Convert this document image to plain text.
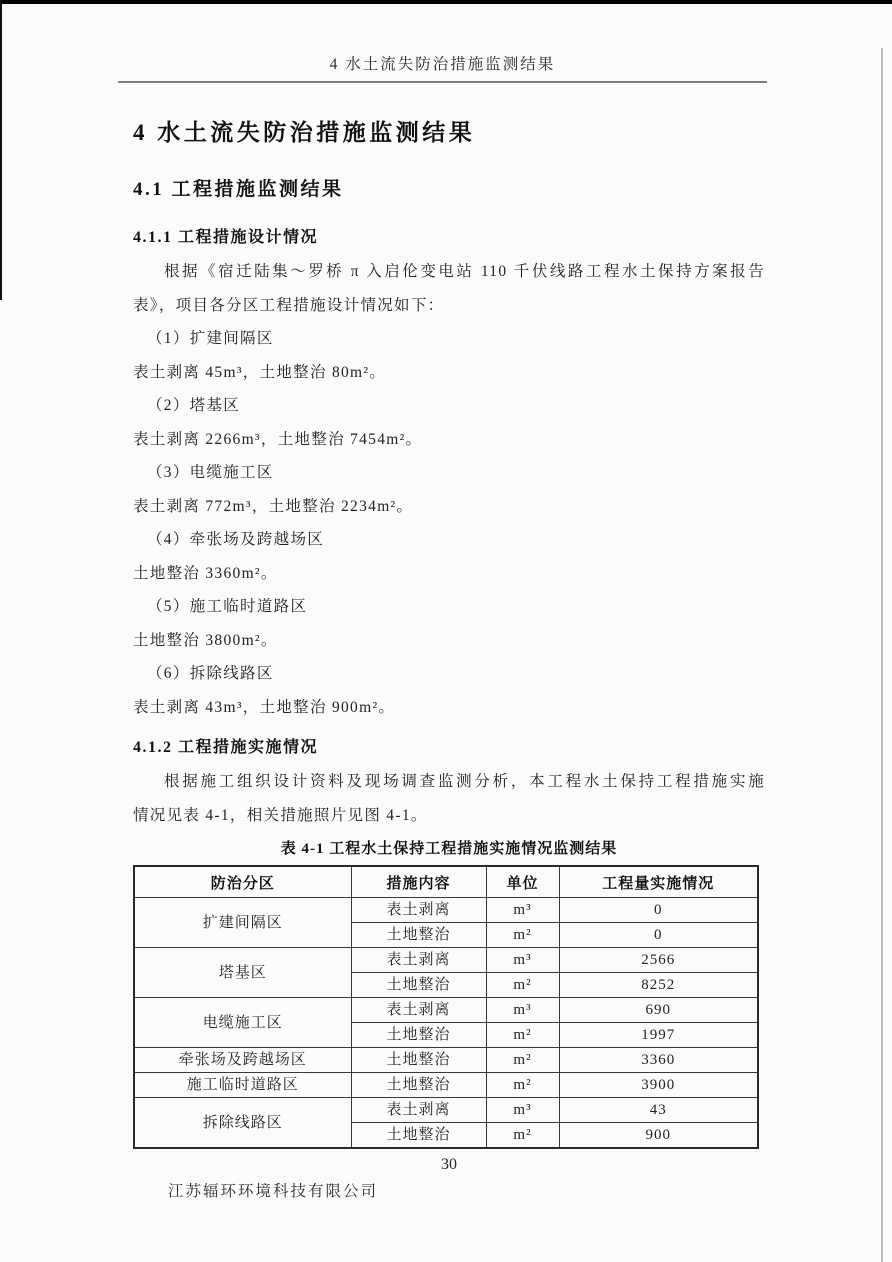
4 水土流失防治措施监测结果
4 水土流失防治措施监测结果
4.1 工程措施监测结果
4.1.1 工程措施设计情况
根据《宿迁陆集～罗桥 π 入启伦变电站 110 千伏线路工程水土保持方案报告
表》，项目各分区工程措施设计情况如下：
（1）扩建间隔区
表土剥离 45m³，土地整治 80m²。
（2）塔基区
表土剥离 2266m³，土地整治 7454m²。
（3）电缆施工区
表土剥离 772m³，土地整治 2234m²。
（4）牵张场及跨越场区
土地整治 3360m²。
（5）施工临时道路区
土地整治 3800m²。
（6）拆除线路区
表土剥离 43m³，土地整治 900m²。
4.1.2 工程措施实施情况
根据施工组织设计资料及现场调查监测分析，本工程水土保持工程措施实施
情况见表 4-1，相关措施照片见图 4-1。
表 4-1 工程水土保持工程措施实施情况监测结果
防治分区	措施内容	单位	工程量实施情况
扩建间隔区	表土剥离	m³	0
	土地整治	m²	0
塔基区	表土剥离	m³	2566
	土地整治	m²	8252
电缆施工区	表土剥离	m³	690
	土地整治	m²	1997
牵张场及跨越场区	土地整治	m²	3360
施工临时道路区	土地整治	m²	3900
拆除线路区	表土剥离	m³	43
	土地整治	m²	900
30
江苏辐环环境科技有限公司
